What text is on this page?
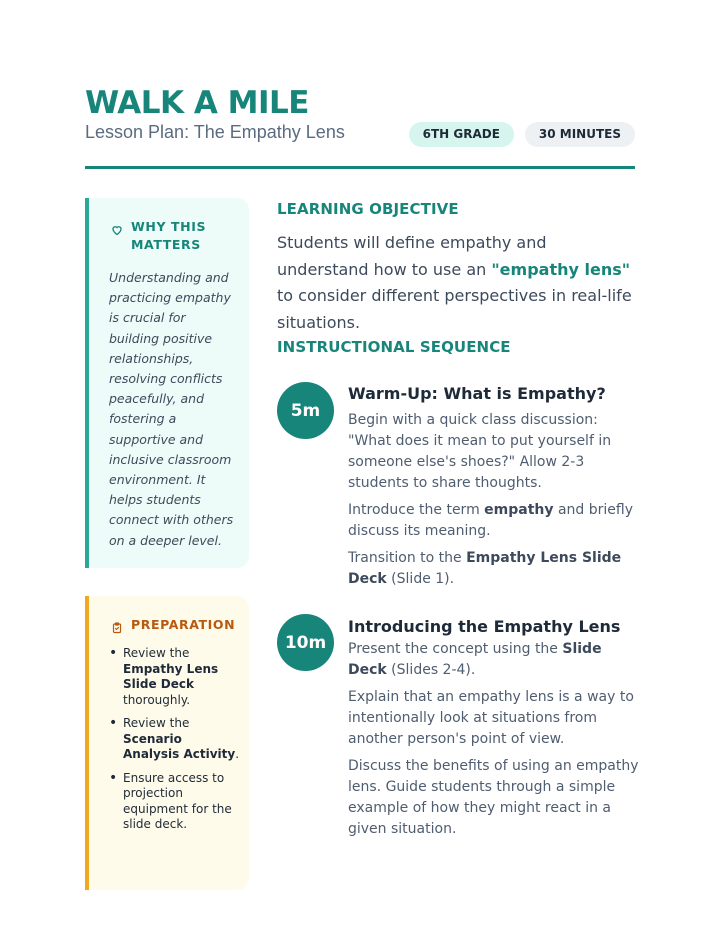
WALK A MILE
Lesson Plan: The Empathy Lens	6TH GRADE	30 MINUTES
WHY THIS
MATTERS
Understanding and practicing empathy is crucial for building positive relationships, resolving conflicts peacefully, and fostering a supportive and inclusive classroom environment. It helps students connect with others on a deeper level.
PREPARATION
• Review the Empathy Lens Slide Deck thoroughly.
• Review the Scenario Analysis Activity.
• Ensure access to projection equipment for the slide deck.
LEARNING OBJECTIVE
Students will define empathy and understand how to use an "empathy lens" to consider different perspectives in real-life situations.
INSTRUCTIONAL SEQUENCE
5m
Warm-Up: What is Empathy?

Begin with a quick class discussion: "What does it mean to put yourself in someone else's shoes?" Allow 2-3 students to share thoughts.

Introduce the term empathy and briefly discuss its meaning.

Transition to the Empathy Lens Slide Deck (Slide 1).

10m
Introducing the Empathy Lens

Present the concept using the Slide Deck (Slides 2-4).

Explain that an empathy lens is a way to intentionally look at situations from another person's point of view.

Discuss the benefits of using an empathy lens. Guide students through a simple example of how they might react in a given situation.
